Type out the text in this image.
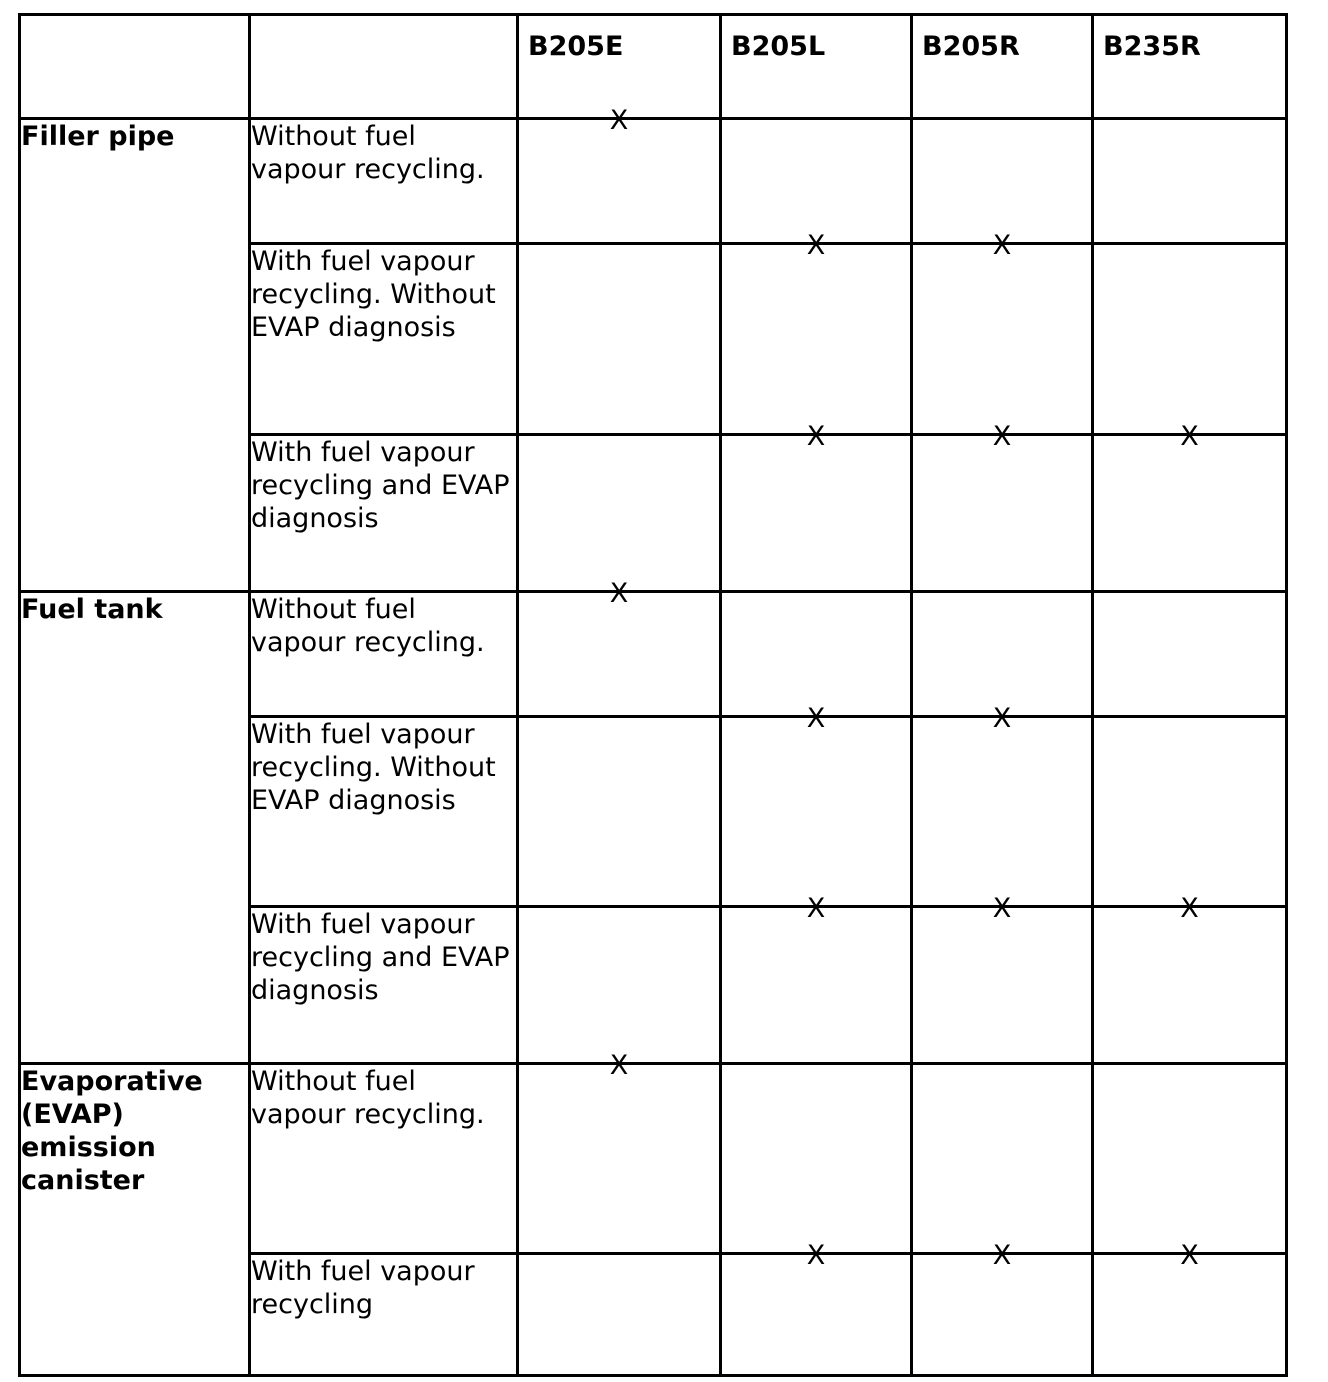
		B205E	B205L	B205R	B235R
Filler pipe	Without fuel vapour recycling.	X			
	With fuel vapour recycling. Without EVAP diagnosis		X	X	
	With fuel vapour recycling and EVAP diagnosis		X	X	X
Fuel tank	Without fuel vapour recycling.	X			
	With fuel vapour recycling. Without EVAP diagnosis		X	X	
	With fuel vapour recycling and EVAP diagnosis		X	X	X
Evaporative (EVAP) emission canister	Without fuel vapour recycling.	X			
	With fuel vapour recycling		X	X	X
